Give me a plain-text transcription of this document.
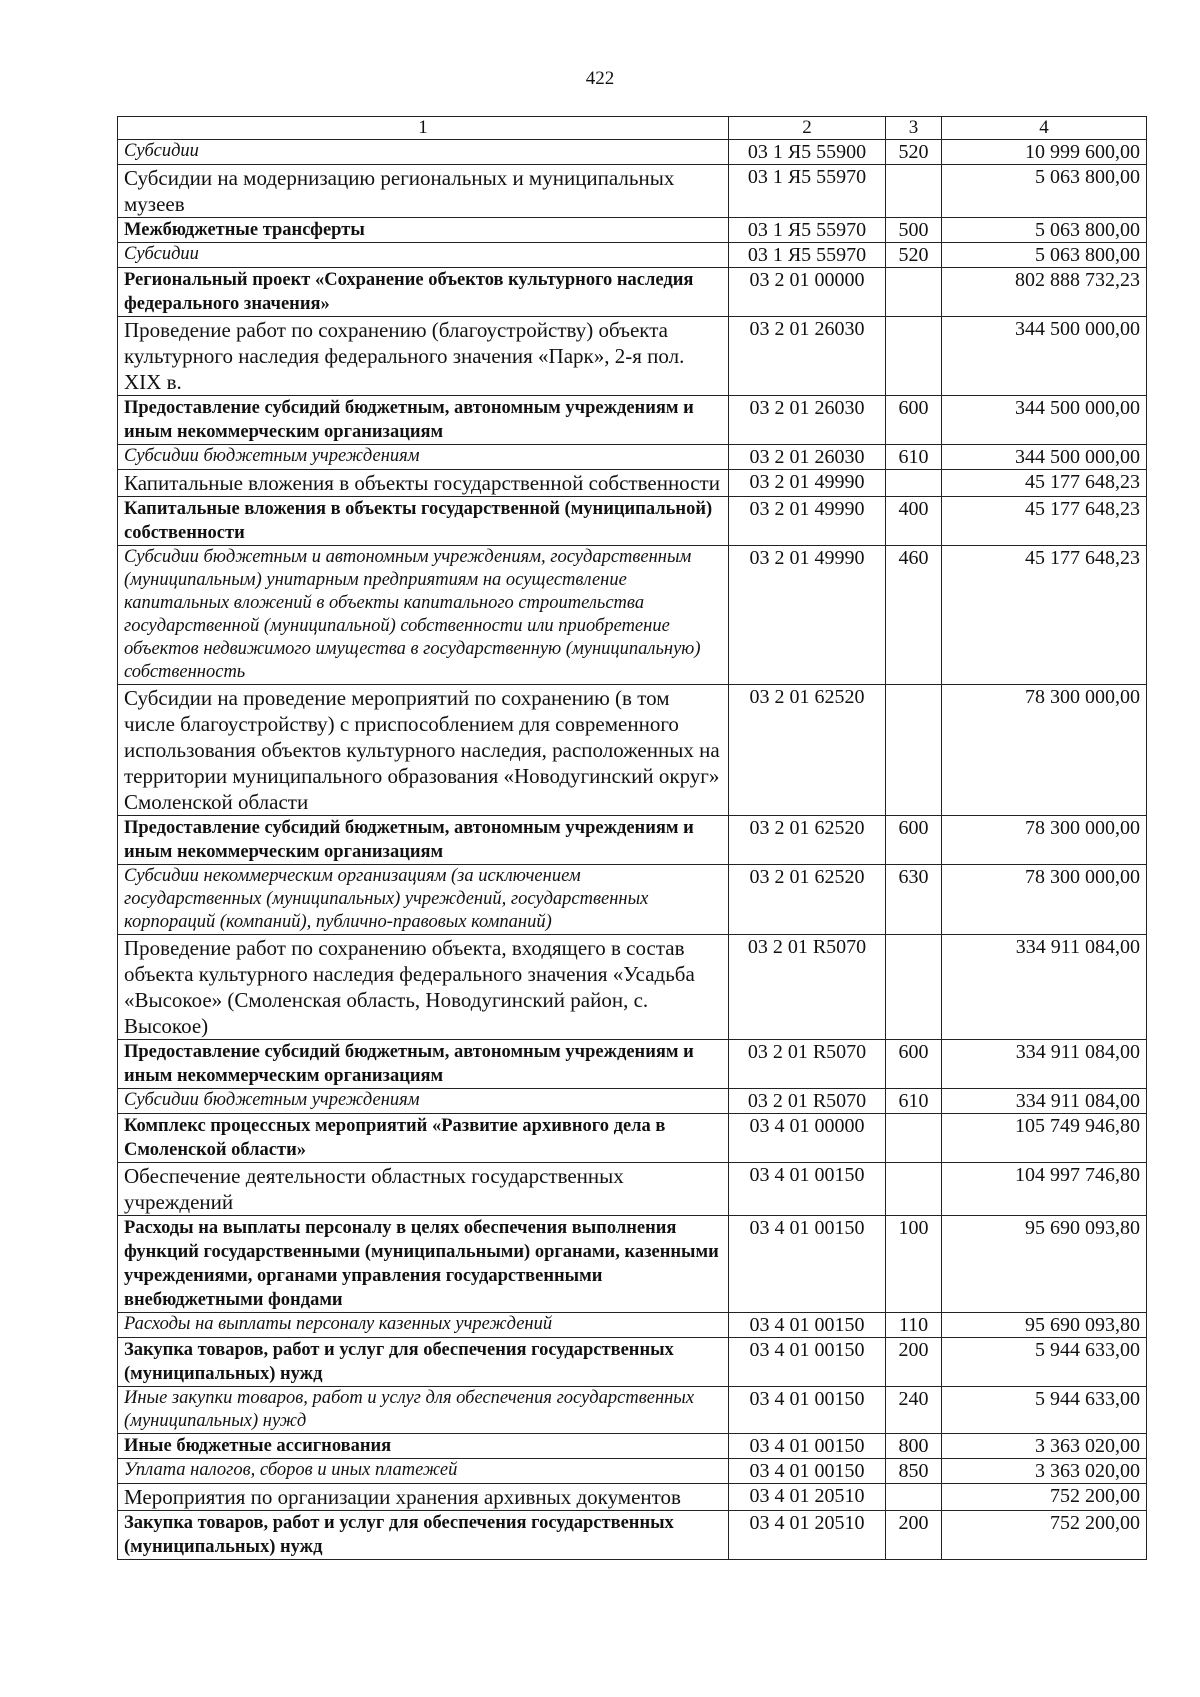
422
1	2	3	4
Субсидии	03 1 Я5 55900	520	10 999 600,00
Субсидии на модернизацию региональных и муниципальных музеев	03 1 Я5 55970		5 063 800,00
Межбюджетные трансферты	03 1 Я5 55970	500	5 063 800,00
Субсидии	03 1 Я5 55970	520	5 063 800,00
Региональный проект «Сохранение объектов культурного наследия федерального значения»	03 2 01 00000		802 888 732,23
Проведение работ по сохранению (благоустройству) объекта культурного наследия федерального значения «Парк», 2-я пол. XIX в.	03 2 01 26030		344 500 000,00
Предоставление субсидий бюджетным, автономным учреждениям и иным некоммерческим организациям	03 2 01 26030	600	344 500 000,00
Субсидии бюджетным учреждениям	03 2 01 26030	610	344 500 000,00
Капитальные вложения в объекты государственной собственности	03 2 01 49990		45 177 648,23
Капитальные вложения в объекты государственной (муниципальной) собственности	03 2 01 49990	400	45 177 648,23
Субсидии бюджетным и автономным учреждениям, государственным (муниципальным) унитарным предприятиям на осуществление капитальных вложений в объекты капитального строительства государственной (муниципальной) собственности или приобретение объектов недвижимого имущества в государственную (муниципальную) собственность	03 2 01 49990	460	45 177 648,23
Субсидии на проведение мероприятий по сохранению (в том числе благоустройству) с приспособлением для современного использования объектов культурного наследия, расположенных на территории муниципального образования «Новодугинский округ» Смоленской области	03 2 01 62520		78 300 000,00
Предоставление субсидий бюджетным, автономным учреждениям и иным некоммерческим организациям	03 2 01 62520	600	78 300 000,00
Субсидии некоммерческим организациям (за исключением государственных (муниципальных) учреждений, государственных корпораций (компаний), публично-правовых компаний)	03 2 01 62520	630	78 300 000,00
Проведение работ по сохранению объекта, входящего в состав объекта культурного наследия федерального значения «Усадьба «Высокое» (Смоленская область, Новодугинский район, с. Высокое)	03 2 01 R5070		334 911 084,00
Предоставление субсидий бюджетным, автономным учреждениям и иным некоммерческим организациям	03 2 01 R5070	600	334 911 084,00
Субсидии бюджетным учреждениям	03 2 01 R5070	610	334 911 084,00
Комплекс процессных мероприятий «Развитие архивного дела в Смоленской области»	03 4 01 00000		105 749 946,80
Обеспечение деятельности областных государственных учреждений	03 4 01 00150		104 997 746,80
Расходы на выплаты персоналу в целях обеспечения выполнения функций государственными (муниципальными) органами, казенными учреждениями, органами управления государственными внебюджетными фондами	03 4 01 00150	100	95 690 093,80
Расходы на выплаты персоналу казенных учреждений	03 4 01 00150	110	95 690 093,80
Закупка товаров, работ и услуг для обеспечения государственных (муниципальных) нужд	03 4 01 00150	200	5 944 633,00
Иные закупки товаров, работ и услуг для обеспечения государственных (муниципальных) нужд	03 4 01 00150	240	5 944 633,00
Иные бюджетные ассигнования	03 4 01 00150	800	3 363 020,00
Уплата налогов, сборов и иных платежей	03 4 01 00150	850	3 363 020,00
Мероприятия по организации хранения архивных документов	03 4 01 20510		752 200,00
Закупка товаров, работ и услуг для обеспечения государственных (муниципальных) нужд	03 4 01 20510	200	752 200,00
